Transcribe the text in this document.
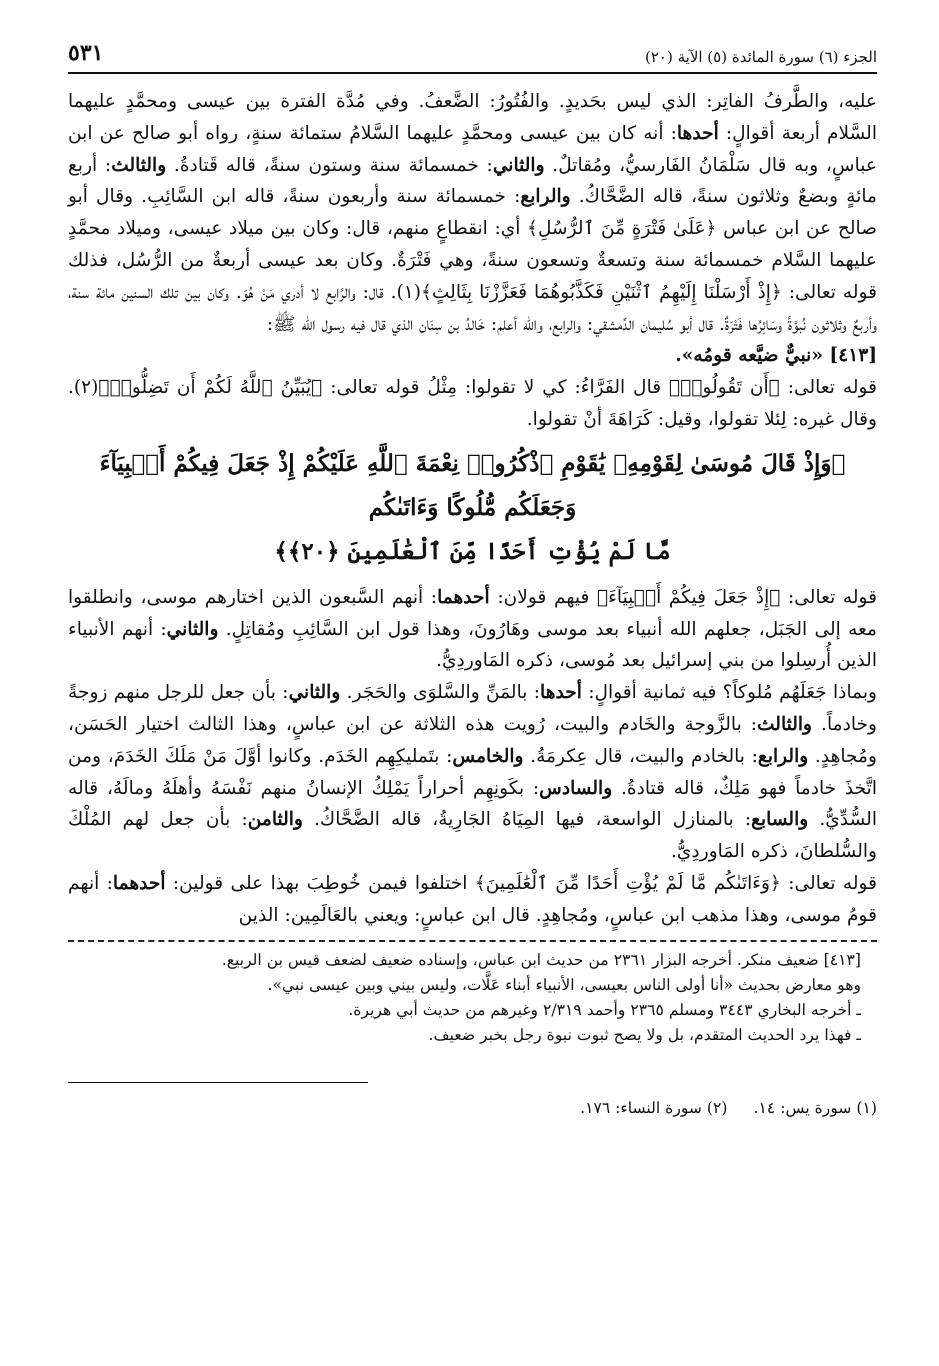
الجزء (٦) سورة المائدة (٥) الآية (٢٠)
٥٣١

عليه، والطَّرفُ الفاتِر: الذي ليس بحَديدٍ. والفُتُورُ: الضَّعفُ. وفي مُدَّة الفترة بين عيسى ومحمَّدٍ عليهما السَّلام أربعة أقوالٍ: أحدها: أنه كان بين عيسى ومحمَّدٍ عليهما السَّلامُ ستمائة سنةٍ، رواه أبو صالح عن ابن عباسٍ، وبه قال سَلْمَانُ الفَارسيُّ، ومُقاتلٌ. والثاني: خمسمائة سنة وستون سنةً، قاله قَتادةُ. والثالث: أربع مائةٍ وبضعٌ وثلاثون سنةً، قاله الضَّحَّاكُ. والرابع: خمسمائة سنة وأربعون سنةً، قاله ابن السَّائِبِ. وقال أبو صالح عن ابن عباس ﴿عَلَىٰ فَتْرَةٍ مِّنَ ٱلرُّسُلِ﴾ أي: انقطاعٍ منهم، قال: وكان بين ميلاد عيسى، وميلاد محمَّدٍ عليهما السَّلام خمسمائة سنة وتسعةٌ وتسعون سنةً، وهي فَتْرَةٌ. وكان بعد عيسى أربعةٌ من الرُّسُل، فذلك قوله تعالى: ﴿إِذْ أَرْسَلْنَا إِلَيْهِمُ ٱثْنَيْنِ فَكَذَّبُوهُمَا فَعَزَّزْنَا بِثَالِثٍ﴾(١). قال: والرَّابع لا أدري مَنْ هُوَ. وكان بين تلك السنين مائة سنة، وأربعٌ وثلاثون نُبوَّةً وسَائِرُها فَتْرَةٌ. قال أبو سُليمان الدِّمشقي: والرابع، والله أعلم: خَالدُ بن سِنَان الذي قال فيه رسول الله ﷺ:

[٤١٣] «نبيٌّ ضيَّعه قومُه».

قوله تعالى: ﴿أَن تَقُولُوا۟﴾ قال الفَرَّاءُ: كي لا تقولوا: مِثْلُ قوله تعالى: ﴿يُبَيِّنُ ٱللَّهُ لَكُمْ أَن تَضِلُّوا۟﴾(٢). وقال غيره: لِئلا تقولوا، وقيل: كَرَاهَةَ أنْ تقولوا.

﴿وَإِذْ قَالَ مُوسَىٰ لِقَوْمِهِۦ يَٰقَوْمِ ٱذْكُرُوا۟ نِعْمَةَ ٱللَّهِ عَلَيْكُمْ إِذْ جَعَلَ فِيكُمْ أَنۢبِيَآءَ وَجَعَلَكُم مُّلُوكًا وَءَاتَىٰكُم
مَّا لَمْ يُؤْتِ أَحَدًا مِّنَ ٱلْعَٰلَمِينَ ﴿٢٠﴾﴾

قوله تعالى: ﴿إِذْ جَعَلَ فِيكُمْ أَنۢبِيَآءَ﴾ فيهم قولان: أحدهما: أنهم السَّبعون الذين اختارهم موسى، وانطلقوا معه إلى الجَبَل، جعلهم الله أنبياء بعد موسى وهَارُونَ، وهذا قول ابن السَّائِبِ ومُقاتِلٍ. والثاني: أنهم الأنبياء الذين أُرسِلوا من بني إسرائيل بعد مُوسى، ذكره المَاوردِيُّ.

وبماذا جَعَلَهُم مُلوكاً؟ فيه ثمانية أقوالٍ: أحدها: بالمَنِّ والسَّلوَى والحَجَر. والثاني: بأن جعل للرجل منهم زوجةً وخادماً. والثالث: بالزَّوجة والخَادم والبيت، رُويت هذه الثلاثة عن ابن عباسٍ، وهذا الثالث اختيار الحَسَن، ومُجاهِدٍ. والرابع: بالخادم والبيت، قال عِكرمَةُ. والخامس: بتَمليكِهِم الخَدَم. وكانوا أوَّلَ مَنْ مَلَكَ الخَدَمَ، ومن اتَّخذَ خادماً فهو مَلِكٌ، قاله قتادةُ. والسادس: بكَونِهِم أحراراً يَمْلِكُ الإنسانُ منهم نَفْسَهُ وأهلَهُ ومالَهُ، قاله السُّدِّيُّ. والسابع: بالمنازل الواسعة، فيها المِيَاهُ الجَارِيةُ، قاله الضَّحَّاكُ. والثامن: بأن جعل لهم المُلْكَ والسُّلطانَ، ذكره المَاوردِيُّ.

قوله تعالى: ﴿وَءَاتَىٰكُم مَّا لَمْ يُؤْتِ أَحَدًا مِّنَ ٱلْعَٰلَمِينَ﴾ اختلفوا فيمن خُوطِبَ بهذا على قولين: أحدهما: أنهم قومُ موسى، وهذا مذهب ابن عباسٍ، ومُجاهِدٍ. قال ابن عباسٍ: ويعني بالعَالَمِين: الذين

[٤١٣] ضعيف منكر. أخرجه البزار ٢٣٦١ من حديث ابن عباس، وإسناده ضعيف لضعف قيس بن الربيع.

وهو معارض بحديث «أنا أولى الناس بعيسى، الأنبياء أبناء عَلَّات، وليس بيني وبين عيسى نبي».

ـ أخرجه البخاري ٣٤٤٣ ومسلم ٢٣٦٥ وأحمد ٢/٣١٩ وغيرهم من حديث أبي هريرة.

ـ فهذا يرد الحديث المتقدم، بل ولا يصح ثبوت نبوة رجل بخبر ضعيف.

(١) سورة يس: ١٤.
(٢) سورة النساء: ١٧٦.
